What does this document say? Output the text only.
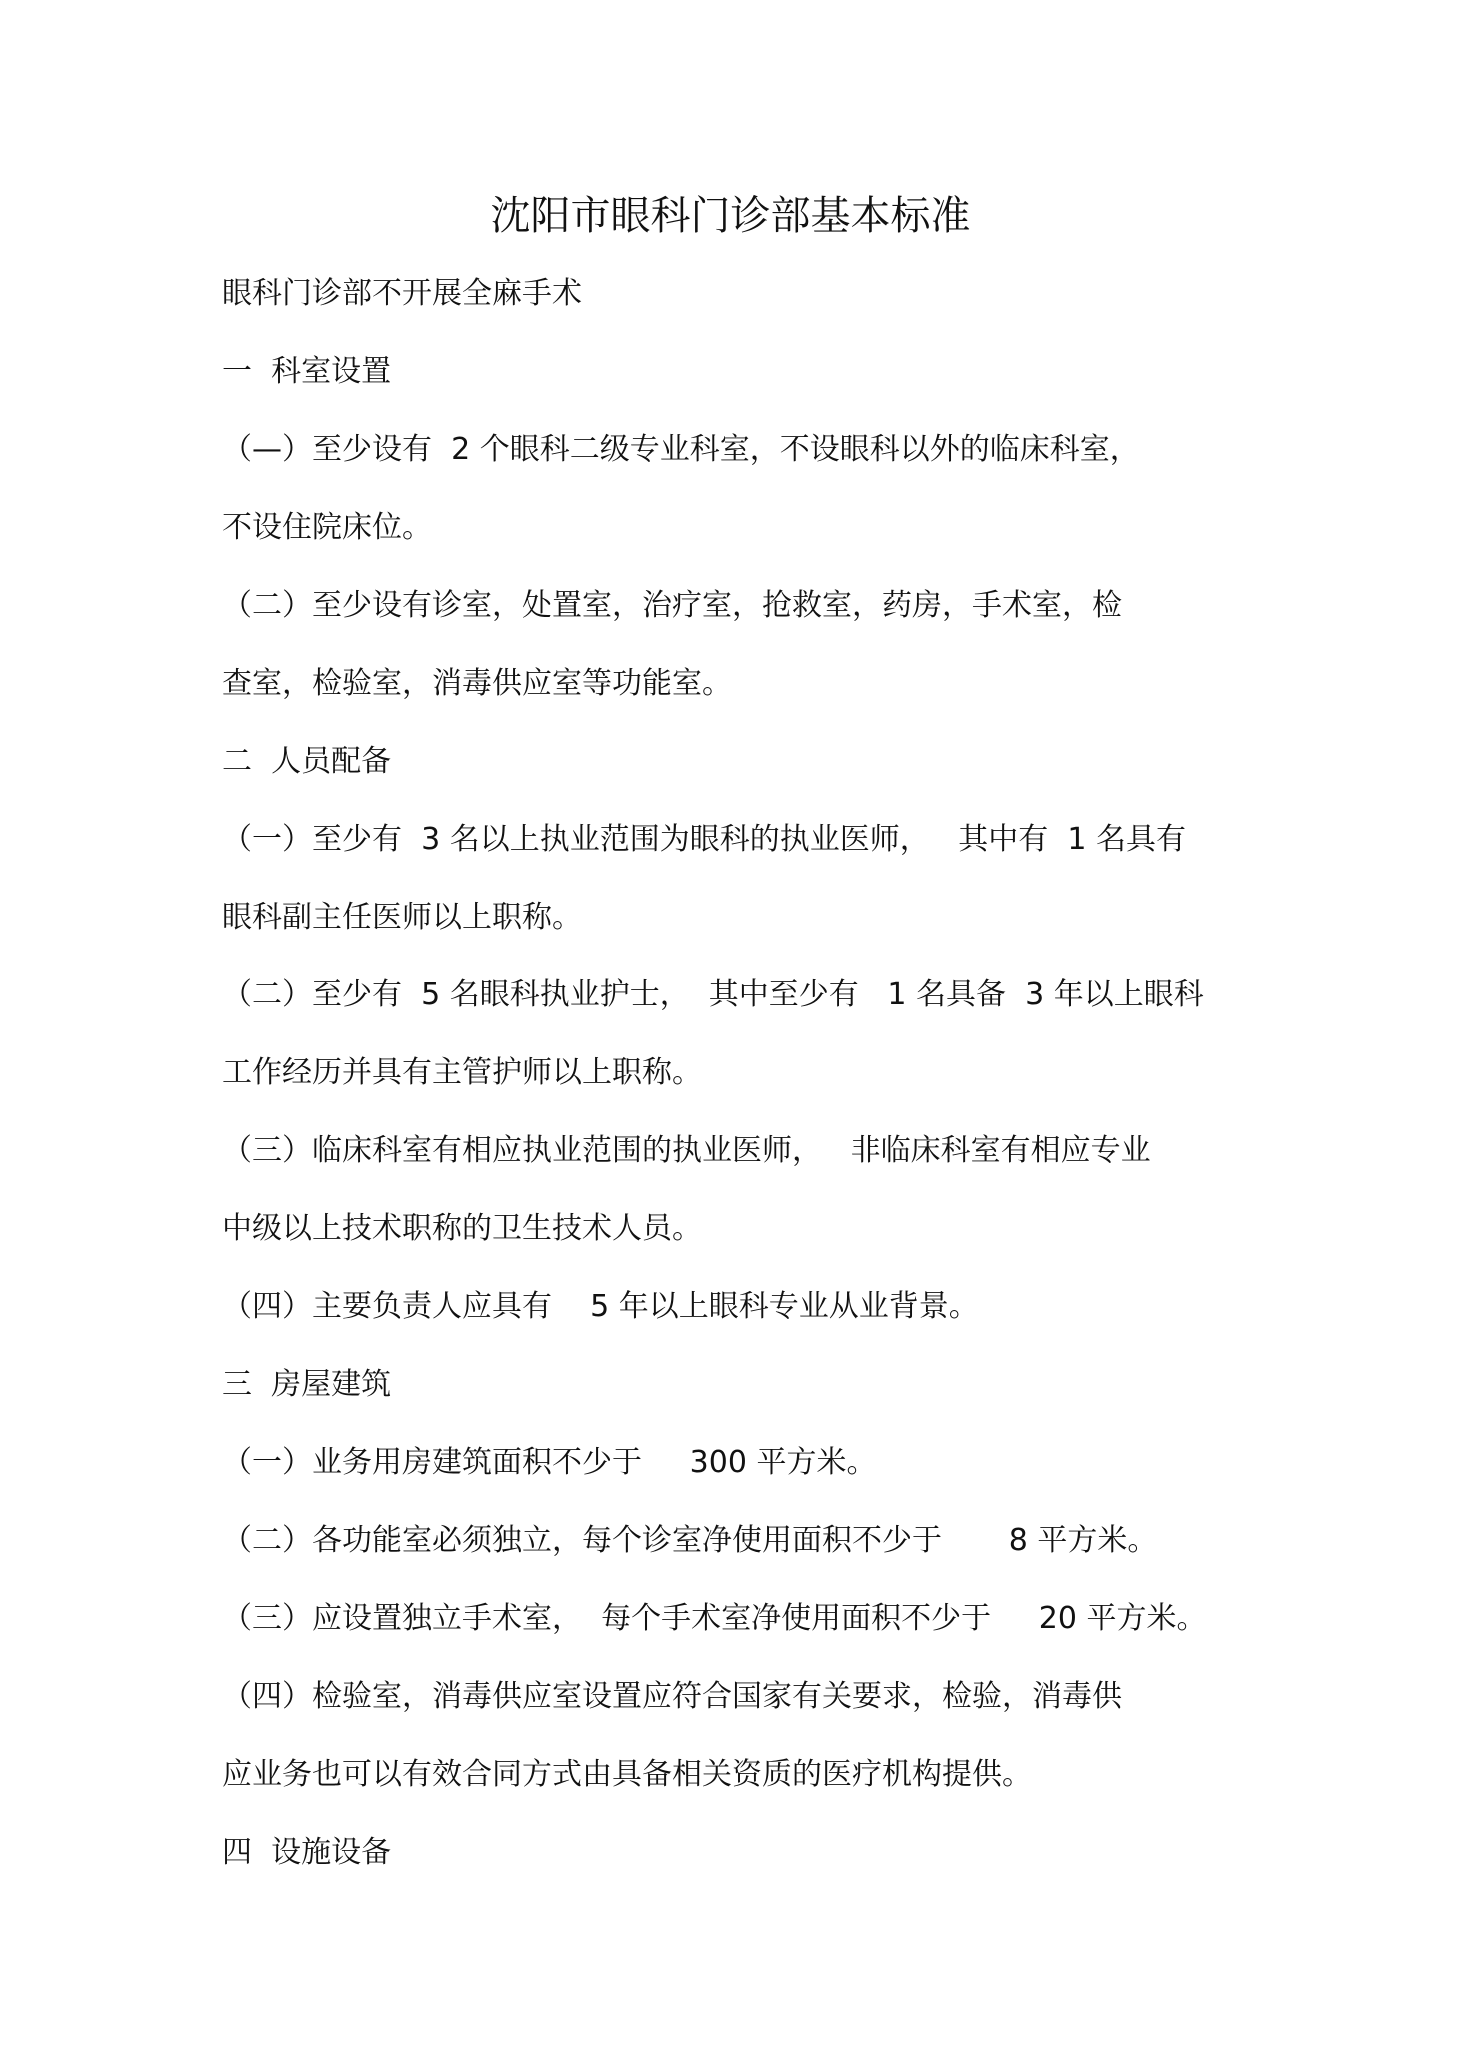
沈阳市眼科门诊部基本标准
眼科门诊部不开展全麻手术
一  科室设置
（—）至少设有  2 个眼科二级专业科室，不设眼科以外的临床科室，
不设住院床位。
（二）至少设有诊室，处置室，治疗室，抢救室，药房，手术室，检
查室，检验室，消毒供应室等功能室。
二  人员配备
（一）至少有  3 名以上执业范围为眼科的执业医师，   其中有  1 名具有
眼科副主任医师以上职称。
（二）至少有  5 名眼科执业护士，  其中至少有   1 名具备  3 年以上眼科
工作经历并具有主管护师以上职称。
（三）临床科室有相应执业范围的执业医师，   非临床科室有相应专业
中级以上技术职称的卫生技术人员。
（四）主要负责人应具有    5 年以上眼科专业从业背景。
三  房屋建筑
（一）业务用房建筑面积不少于     300 平方米。
（二）各功能室必须独立，每个诊室净使用面积不少于       8 平方米。
（三）应设置独立手术室，  每个手术室净使用面积不少于     20 平方米。
（四）检验室，消毒供应室设置应符合国家有关要求，检验，消毒供
应业务也可以有效合同方式由具备相关资质的医疗机构提供。
四  设施设备
